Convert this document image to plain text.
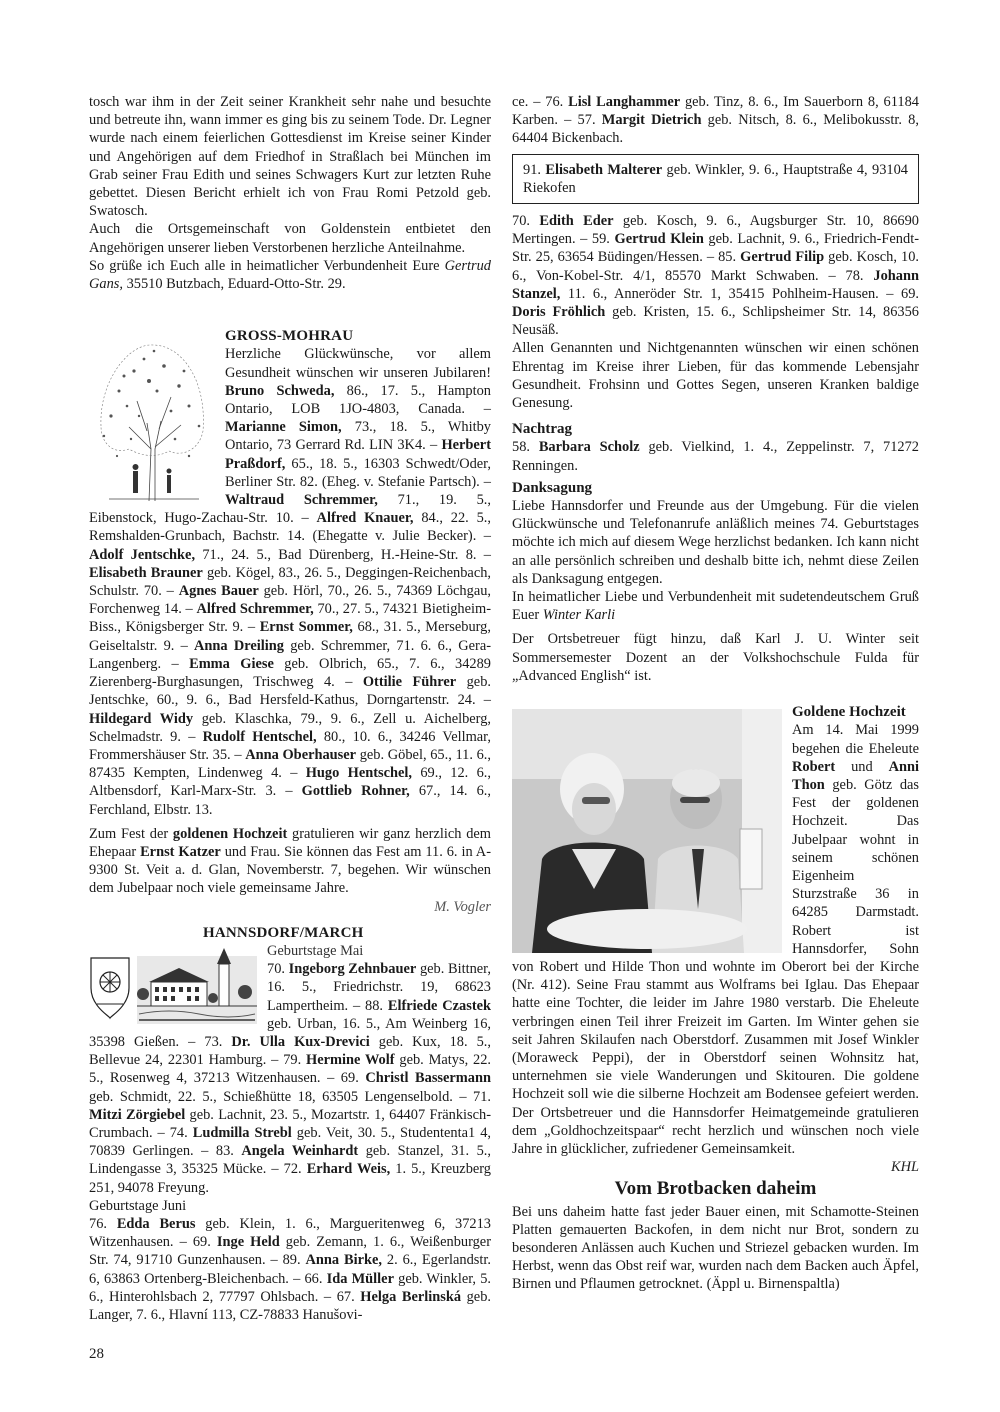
tosch war ihm in der Zeit seiner Krankheit sehr nahe und besuchte und betreute ihn, wann immer es ging bis zu seinem Tode. Dr. Legner wurde nach einem feierlichen Gottesdienst im Kreise seiner Kinder und Angehörigen auf dem Friedhof in Straßlach bei München im Grab seiner Frau Edith und seines Schwagers Kurt zur letzten Ruhe gebettet. Diesen Bericht erhielt ich von Frau Romi Petzold geb. Swatosch.

Auch die Ortsgemeinschaft von Goldenstein entbietet den Angehörigen unserer lieben Verstorbenen herzliche Anteilnahme.

So grüße ich Euch alle in heimatlicher Verbundenheit Eure Gertrud Gans, 35510 Butzbach, Eduard-Otto-Str. 29.

GROSS-MOHRAU

Herzliche Glückwünsche, vor allem Gesundheit wünschen wir unseren Jubilaren! Bruno Schweda, 86., 17. 5., Hampton Ontario, LOB 1JO-4803, Canada. – Marianne Simon, 73., 18. 5., Whitby Ontario, 73 Gerrard Rd. LIN 3K4. – Herbert Praßdorf, 65., 18. 5., 16303 Schwedt/Oder, Berliner Str. 82. (Eheg. v. Stefanie Partsch). – Waltraud Schremmer, 71., 19. 5., Eibenstock, Hugo-Zachau-Str. 10. – Alfred Knauer, 84., 22. 5., Remshalden-Grunbach, Bachstr. 14. (Ehegatte v. Julie Becker). – Adolf Jentschke, 71., 24. 5., Bad Dürenberg, H.-Heine-Str. 8. – Elisabeth Brauner geb. Kögel, 83., 26. 5., Deggingen-Reichenbach, Schulstr. 70. – Agnes Bauer geb. Hörl, 70., 26. 5., 74369 Löchgau, Forchenweg 14. – Alfred Schremmer, 70., 27. 5., 74321 Bietigheim-Biss., Königsberger Str. 9. – Ernst Sommer, 68., 31. 5., Merseburg, Geiseltalstr. 9. – Anna Dreiling geb. Schremmer, 71. 6. 6., Gera-Langenberg. – Emma Giese geb. Olbrich, 65., 7. 6., 34289 Zierenberg-Burghasungen, Trischweg 4. – Ottilie Führer geb. Jentschke, 60., 9. 6., Bad Hersfeld-Kathus, Dorngartenstr. 24. – Hildegard Widy geb. Klaschka, 79., 9. 6., Zell u. Aichelberg, Schelmadstr. 9. – Rudolf Hentschel, 80., 10. 6., 34246 Vellmar, Frommershäuser Str. 35. – Anna Oberhauser geb. Göbel, 65., 11. 6., 87435 Kempten, Lindenweg 4. – Hugo Hentschel, 69., 12. 6., Altbensdorf, Karl-Marx-Str. 3. – Gottlieb Rohner, 67., 14. 6., Ferchland, Elbstr. 13.

Zum Fest der goldenen Hochzeit gratulieren wir ganz herzlich dem Ehepaar Ernst Katzer und Frau. Sie können das Fest am 11. 6. in A-9300 St. Veit a. d. Glan, Novemberstr. 7, begehen. Wir wünschen dem Jubelpaar noch viele gemeinsame Jahre.

M. Vogler

HANNSDORF/MARCH

Geburtstage Mai
70. Ingeborg Zehnbauer geb. Bittner, 16. 5., Friedrichstr. 19, 68623 Lampertheim. – 88. Elfriede Czastek geb. Urban, 16. 5., Am Weinberg 16, 35398 Gießen. – 73. Dr. Ulla Kux-Drevici geb. Kux, 18. 5., Bellevue 24, 22301 Hamburg. – 79. Hermine Wolf geb. Matys, 22. 5., Rosenweg 4, 37213 Witzenhausen. – 69. Christl Bassermann geb. Schmidt, 22. 5., Schießhütte 18, 63505 Lengenselbold. – 71. Mitzi Zörgiebel geb. Lachnit, 23. 5., Mozartstr. 1, 64407 Fränkisch-Crumbach. – 74. Ludmilla Strebl geb. Veit, 30. 5., Studententa1 4, 70839 Gerlingen. – 83. Angela Weinhardt geb. Stanzel, 31. 5., Lindengasse 3, 35325 Mücke. – 72. Erhard Weis, 1. 5., Kreuzberg 251, 94078 Freyung.

Geburtstage Juni
76. Edda Berus geb. Klein, 1. 6., Margueritenweg 6, 37213 Witzenhausen. – 69. Inge Held geb. Zemann, 1. 6., Weißenburger Str. 74, 91710 Gunzenhausen. – 89. Anna Birke, 2. 6., Egerlandstr. 6, 63863 Ortenberg-Bleichenbach. – 66. Ida Müller geb. Winkler, 5. 6., Hinterohlsbach 2, 77797 Ohlsbach. – 67. Helga Berlinská geb. Langer, 7. 6., Hlavní 113, CZ-78833 Hanušovi-

ce. – 76. Lisl Langhammer geb. Tinz, 8. 6., Im Sauerborn 8, 61184 Karben. – 57. Margit Dietrich geb. Nitsch, 8. 6., Melibokusstr. 8, 64404 Bickenbach.

91. Elisabeth Malterer geb. Winkler, 9. 6., Hauptstraße 4, 93104 Riekofen

70. Edith Eder geb. Kosch, 9. 6., Augsburger Str. 10, 86690 Mertingen. – 59. Gertrud Klein geb. Lachnit, 9. 6., Friedrich-Fendt-Str. 25, 63654 Büdingen/Hessen. – 85. Gertrud Filip geb. Kosch, 10. 6., Von-Kobel-Str. 4/1, 85570 Markt Schwaben. – 78. Johann Stanzel, 11. 6., Anneröder Str. 1, 35415 Pohlheim-Hausen. – 69. Doris Fröhlich geb. Kristen, 15. 6., Schlipsheimer Str. 14, 86356 Neusäß.

Allen Genannten und Nichtgenannten wünschen wir einen schönen Ehrentag im Kreise ihrer Lieben, für das kommende Lebensjahr Gesundheit. Frohsinn und Gottes Segen, unseren Kranken baldige Genesung.

Nachtrag

58. Barbara Scholz geb. Vielkind, 1. 4., Zeppelinstr. 7, 71272 Renningen.

Danksagung

Liebe Hannsdorfer und Freunde aus der Umgebung. Für die vielen Glückwünsche und Telefonanrufe anläßlich meines 74. Geburtstages möchte ich mich auf diesem Wege herzlichst bedanken. Ich kann nicht an alle persönlich schreiben und deshalb bitte ich, nehmt diese Zeilen als Danksagung entgegen.

In heimatlicher Liebe und Verbundenheit mit sudetendeutschem Gruß Euer Winter Karli

Der Ortsbetreuer fügt hinzu, daß Karl J. U. Winter seit Sommersemester Dozent an der Volkshochschule Fulda für „Advanced English“ ist.

Goldene Hochzeit

Am 14. Mai 1999 begehen die Eheleute Robert und Anni Thon geb. Götz das Fest der goldenen Hochzeit. Das Jubelpaar wohnt in seinem schönen Eigenheim Sturzstraße 36 in 64285 Darmstadt. Robert ist Hannsdorfer, Sohn von Robert und Hilde Thon und wohnte im Oberort bei der Kirche (Nr. 412). Seine Frau stammt aus Wolframs bei Iglau. Das Ehepaar hatte eine Tochter, die leider im Jahre 1980 verstarb. Die Eheleute verbringen einen Teil ihrer Freizeit im Garten. Im Winter gehen sie seit Jahren Skilaufen nach Oberstdorf. Zusammen mit Josef Winkler (Moraweck Peppi), der in Oberstdorf seinen Wohnsitz hat, unternehmen sie viele Wanderungen und Skitouren. Die goldene Hochzeit soll wie die silberne Hochzeit am Bodensee gefeiert werden. Der Ortsbetreuer und die Hannsdorfer Heimatgemeinde gratulieren dem „Goldhochzeitspaar“ recht herzlich und wünschen noch viele Jahre in glücklicher, zufriedener Gemeinsamkeit.

KHL

Vom Brotbacken daheim

Bei uns daheim hatte fast jeder Bauer einen, mit Schamotte-Steinen Platten gemauerten Backofen, in dem nicht nur Brot, sondern zu besonderen Anlässen auch Kuchen und Striezel gebacken wurden. Im Herbst, wenn das Obst reif war, wurden nach dem Backen auch Äpfel, Birnen und Pflaumen getrocknet. (Äppl u. Birnenspaltla)

28
